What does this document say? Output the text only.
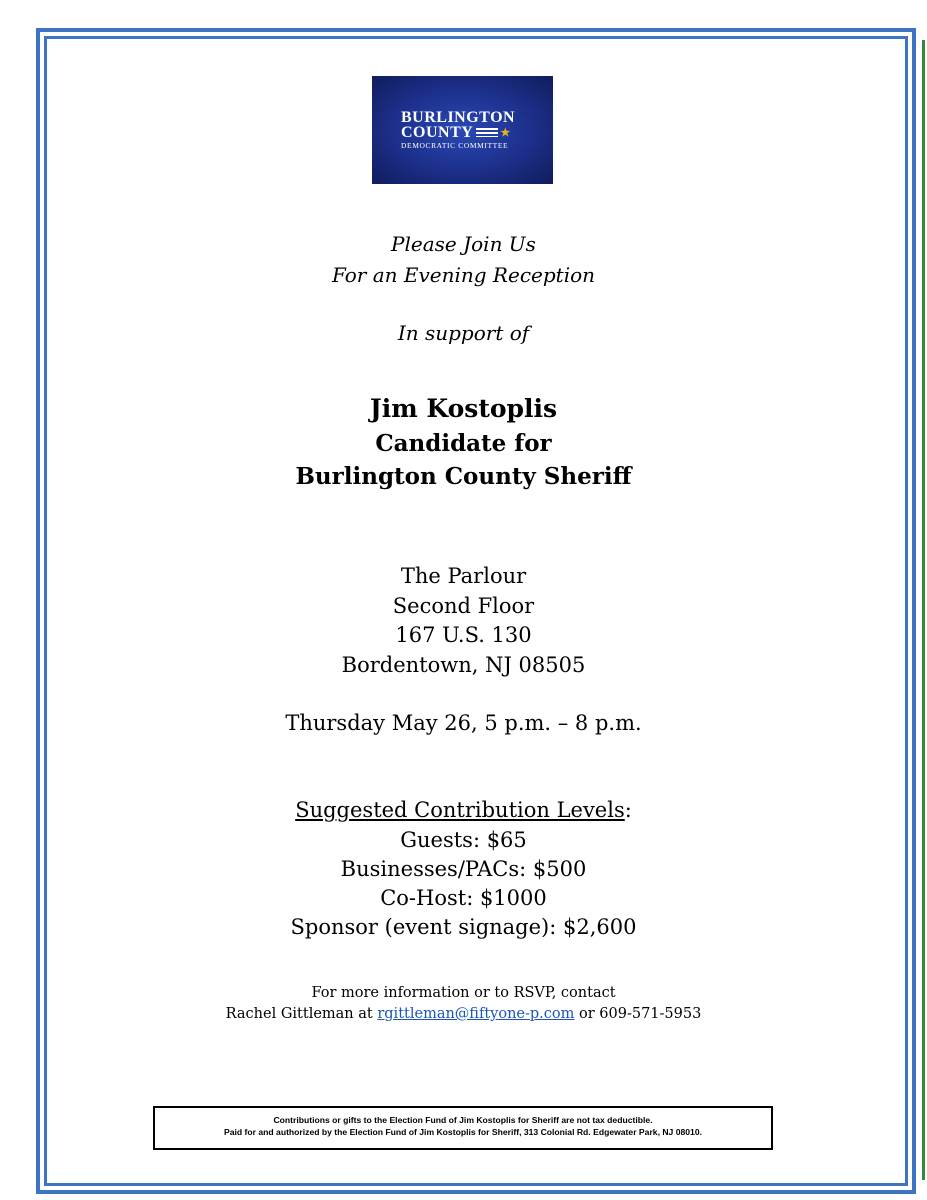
BURLINGTON
COUNTY ★
DEMOCRATIC COMMITTEE
Please Join Us
For an Evening Reception
In support of
Jim Kostoplis
Candidate for
Burlington County Sheriff
The Parlour
Second Floor
167 U.S. 130
Bordentown, NJ 08505
Thursday May 26, 5 p.m. – 8 p.m.
Suggested Contribution Levels:
Guests: $65
Businesses/PACs: $500
Co-Host: $1000
Sponsor (event signage): $2,600
For more information or to RSVP, contact
Rachel Gittleman at rgittleman@fiftyone-p.com or 609-571-5953
Contributions or gifts to the Election Fund of Jim Kostoplis for Sheriff are not tax deductible.
Paid for and authorized by the Election Fund of Jim Kostoplis for Sheriff, 313 Colonial Rd. Edgewater Park, NJ 08010.
